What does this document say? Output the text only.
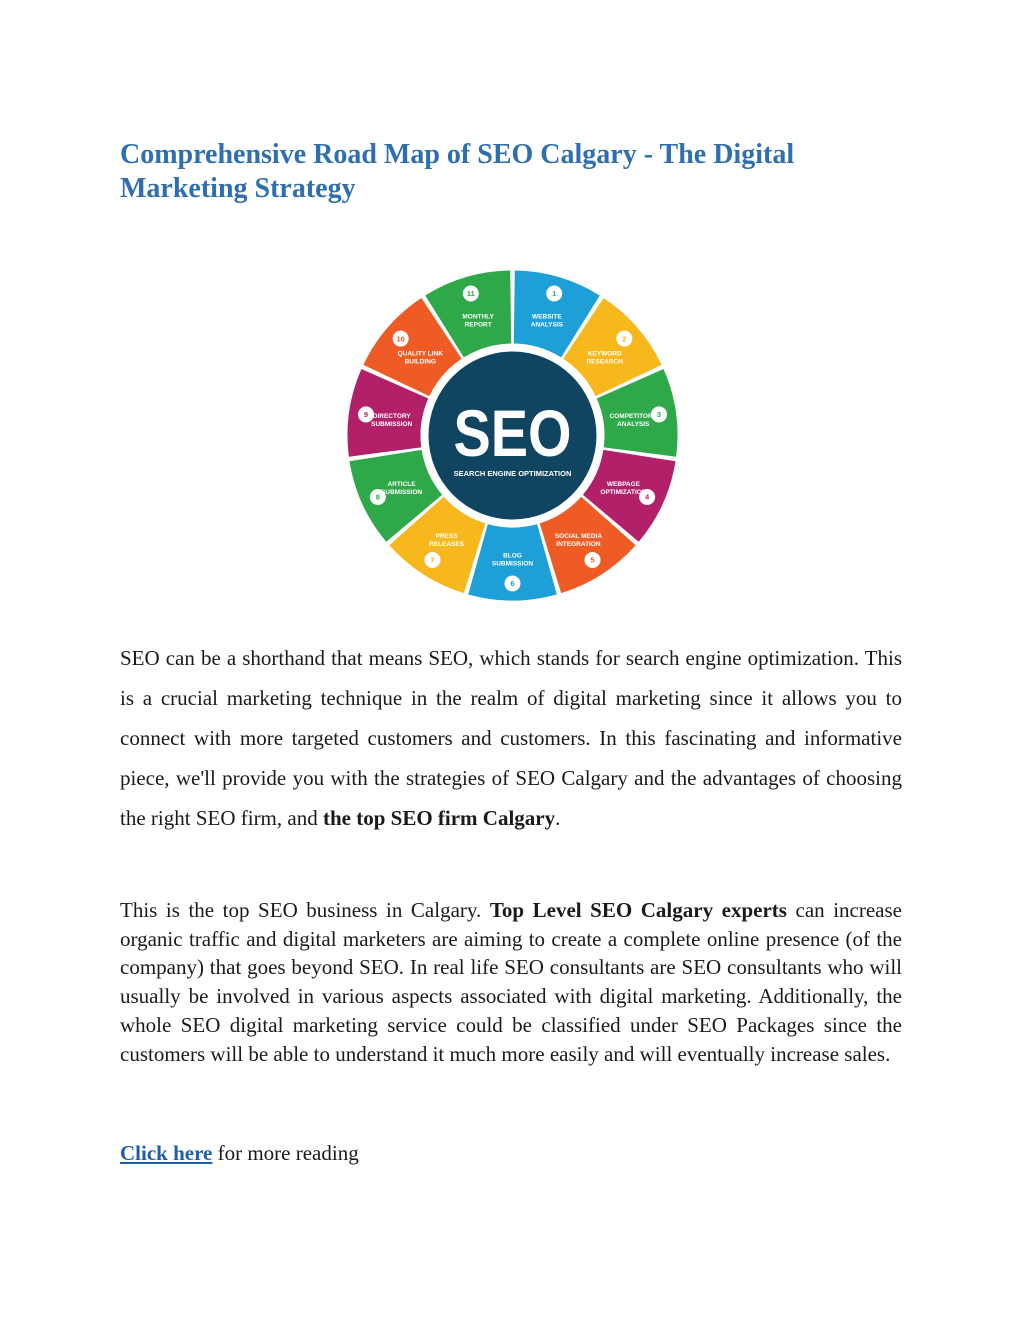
Comprehensive Road Map of SEO Calgary - The Digital Marketing Strategy
1
WEBSITE
ANALYSIS
2
KEYWORD
RESEARCH
3
COMPETITORS
ANALYSIS
4
WEBPAGE
OPTIMIZATION
5
SOCIAL MEDIA
INTEGRATION
6
BLOG
SUBMISSION
7
PRESS
RELEASES
8
ARTICLE
SUBMISSION
9 DIRECTORY
SUBMISSION
10
QUALITY LINK
BUILDING
11
MONTHLY
REPORT
SEO
SEARCH ENGINE OPTIMIZATION

SEO can be a shorthand that means SEO, which stands for search engine optimization. This is a crucial marketing technique in the realm of digital marketing since it allows you to connect with more targeted customers and customers. In this fascinating and informative piece, we'll provide you with the strategies of SEO Calgary and the advantages of choosing the right SEO firm, and the top SEO firm Calgary.

This is the top SEO business in Calgary. Top Level SEO Calgary experts can increase organic traffic and digital marketers are aiming to create a complete online presence (of the company) that goes beyond SEO. In real life SEO consultants are SEO consultants who will usually be involved in various aspects associated with digital marketing. Additionally, the whole SEO digital marketing service could be classified under SEO Packages since the customers will be able to understand it much more easily and will eventually increase sales.

Click here for more reading
